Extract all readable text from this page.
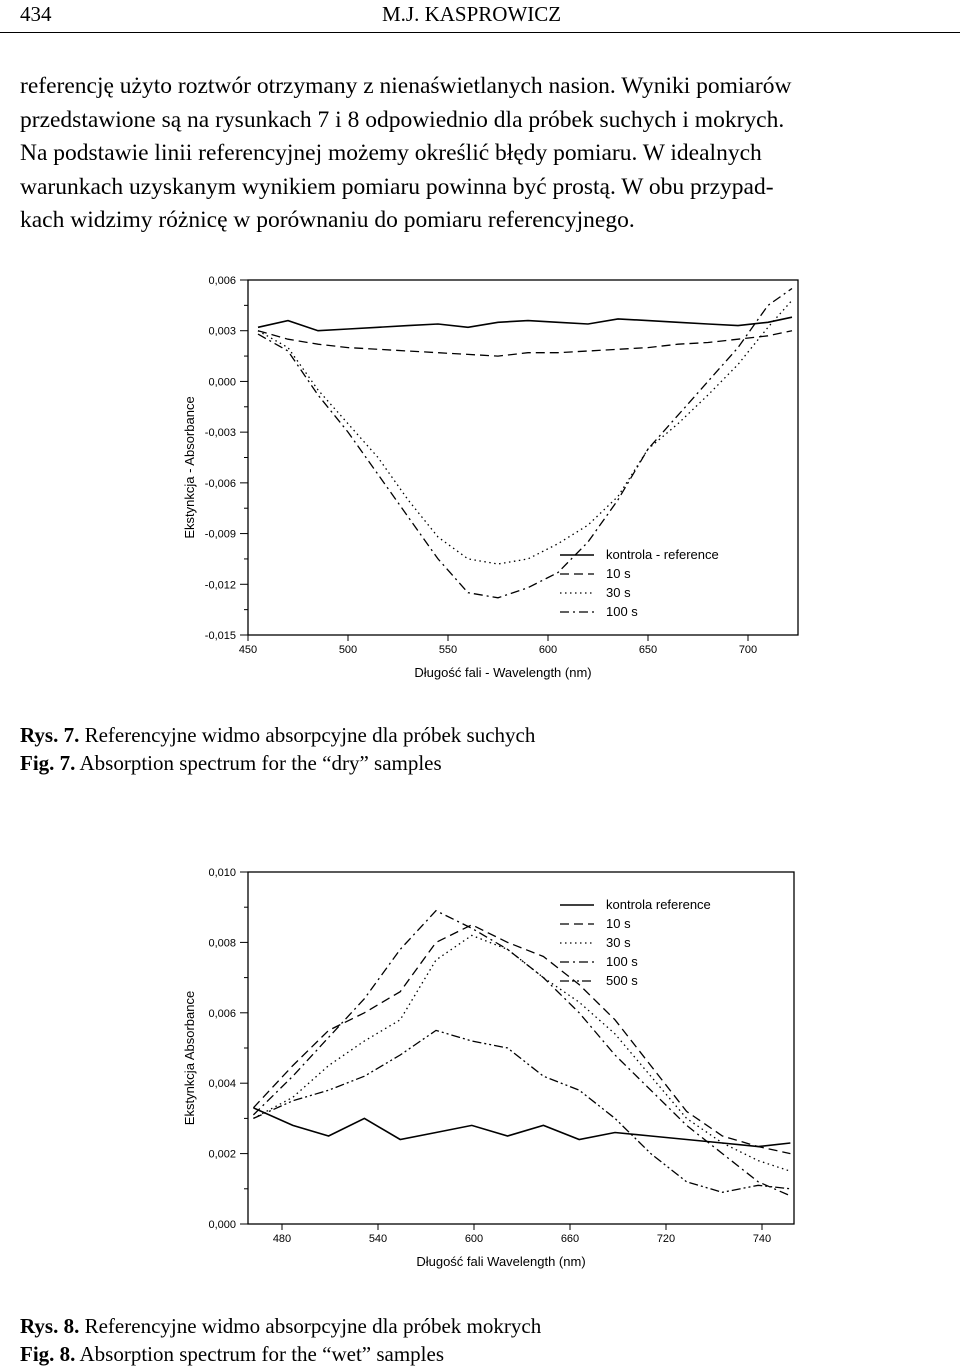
434	M.J. KASPROWICZ

referencję użyto roztwór otrzymany z nienaświetlanych nasion. Wyniki pomiarów
przedstawione są na rysunkach 7 i 8 odpowiednio dla próbek suchych i mokrych.
Na podstawie linii referencyjnej możemy określić błędy pomiaru. W idealnych
warunkach uzyskanym wynikiem pomiaru powinna być prostą. W obu przypad-
kach widzimy różnicę w porównaniu do pomiaru referencyjnego.

0,006
0,003
0,000
-0,003
-0,006
-0,009
-0,012
-0,015
450	500	550	600	650	700
Długość fali - Wavelength (nm)
Ekstynkcja - Absorbance
kontrola - reference
10 s
30 s
100 s
Rys. 7. Referencyjne widmo absorpcyjne dla próbek suchych
Fig. 7. Absorption spectrum for the “dry” samples
0,010
0,008
0,006
0,004
0,002
0,000
480	540	600	660	720	740
Długość fali Wavelength (nm)
Ekstynkcja Absorbance
kontrola reference
10 s
30 s
100 s
500 s
Rys. 8. Referencyjne widmo absorpcyjne dla próbek mokrych
Fig. 8. Absorption spectrum for the “wet” samples
